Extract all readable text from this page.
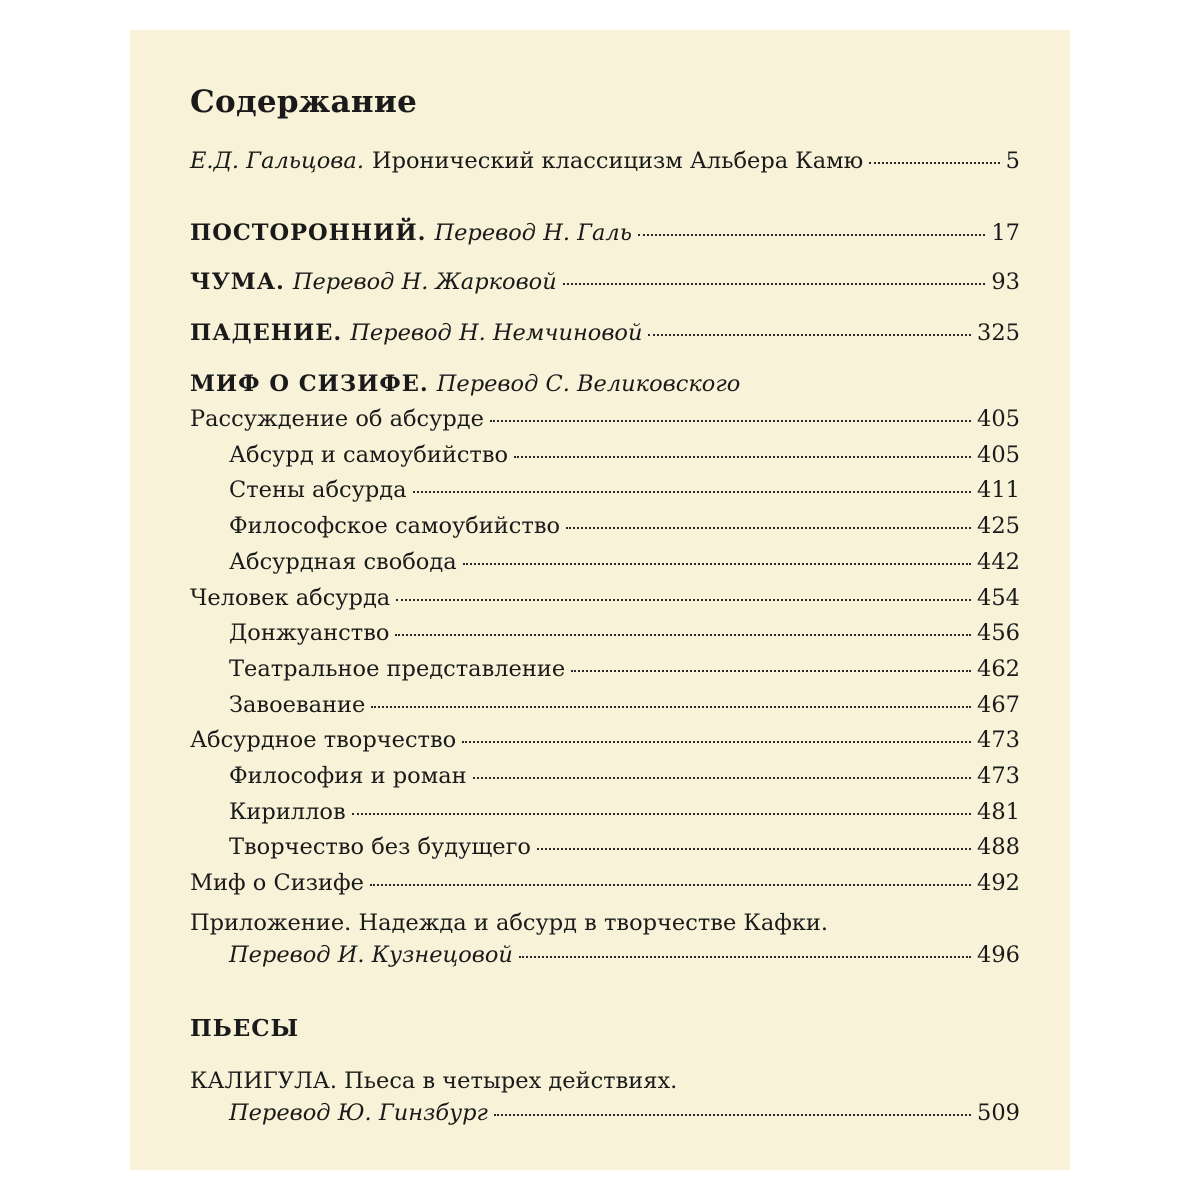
Содержание
Е.Д. Гальцова. Иронический классицизм Альбера Камю	5
ПОСТОРОННИЙ. Перевод Н. Галь	17
ЧУМА. Перевод Н. Жарковой	93
ПАДЕНИЕ. Перевод Н. Немчиновой	325
МИФ О СИЗИФЕ. Перевод С. Великовского
Рассуждение об абсурде	405
Абсурд и самоубийство	405
Стены абсурда	411
Философское самоубийство	425
Абсурдная свобода	442
Человек абсурда	454
Донжуанство	456
Театральное представление	462
Завоевание	467
Абсурдное творчество	473
Философия и роман	473
Кириллов	481
Творчество без будущего	488
Миф о Сизифе	492
Приложение. Надежда и абсурд в творчестве Кафки.
Перевод И. Кузнецовой	496
ПЬЕСЫ
КАЛИГУЛА. Пьеса в четырех действиях.
Перевод Ю. Гинзбург	509
